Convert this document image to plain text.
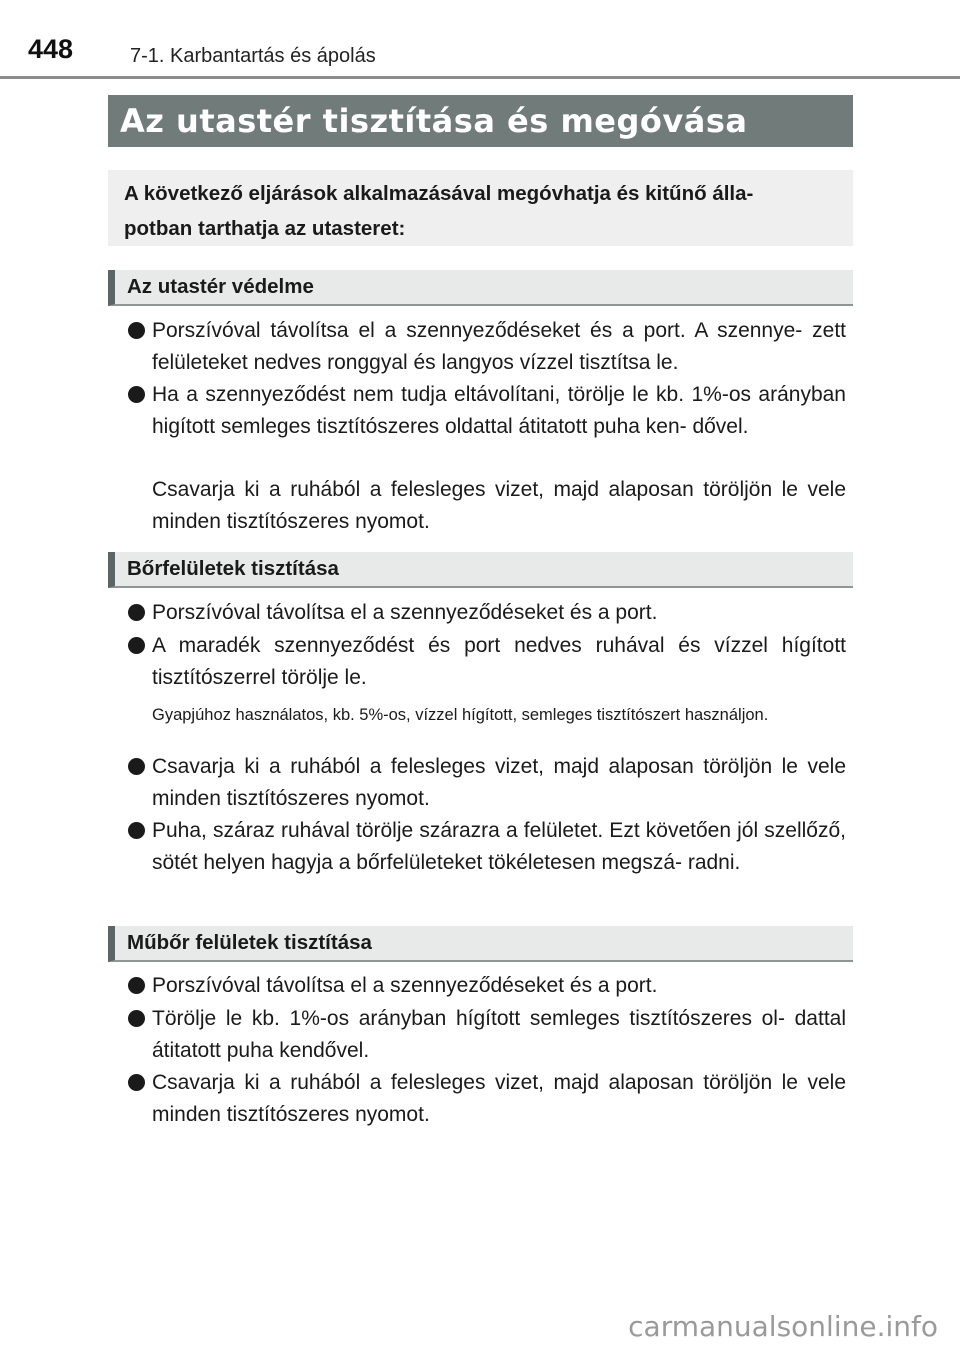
448	7-1. Karbantartás és ápolás
Az utastér tisztítása és megóvása
A következő eljárások alkalmazásával megóvhatja és kitűnő álla-
potban tarthatja az utasteret:
Az utastér védelme
Porszívóval távolítsa el a szennyeződéseket és a port. A szennye- zett felületeket nedves ronggyal és langyos vízzel tisztítsa le.
Ha a szennyeződést nem tudja eltávolítani, törölje le kb. 1%-os arányban higított semleges tisztítószeres oldattal átitatott puha ken- dővel.
Csavarja ki a ruhából a felesleges vizet, majd alaposan töröljön le vele minden tisztítószeres nyomot.
Bőrfelületek tisztítása
Porszívóval távolítsa el a szennyeződéseket és a port.
A maradék szennyeződést és port nedves ruhával és vízzel hígított tisztítószerrel törölje le.
Gyapjúhoz használatos, kb. 5%-os, vízzel hígított, semleges tisztítószert használjon.
Csavarja ki a ruhából a felesleges vizet, majd alaposan töröljön le vele minden tisztítószeres nyomot.
Puha, száraz ruhával törölje szárazra a felületet. Ezt követően jól szellőző, sötét helyen hagyja a bőrfelületeket tökéletesen megszá- radni.
Műbőr felületek tisztítása
Porszívóval távolítsa el a szennyeződéseket és a port.
Törölje le kb. 1%-os arányban hígított semleges tisztítószeres ol- dattal átitatott puha kendővel.
Csavarja ki a ruhából a felesleges vizet, majd alaposan töröljön le vele minden tisztítószeres nyomot.
carmanualsonline.info
